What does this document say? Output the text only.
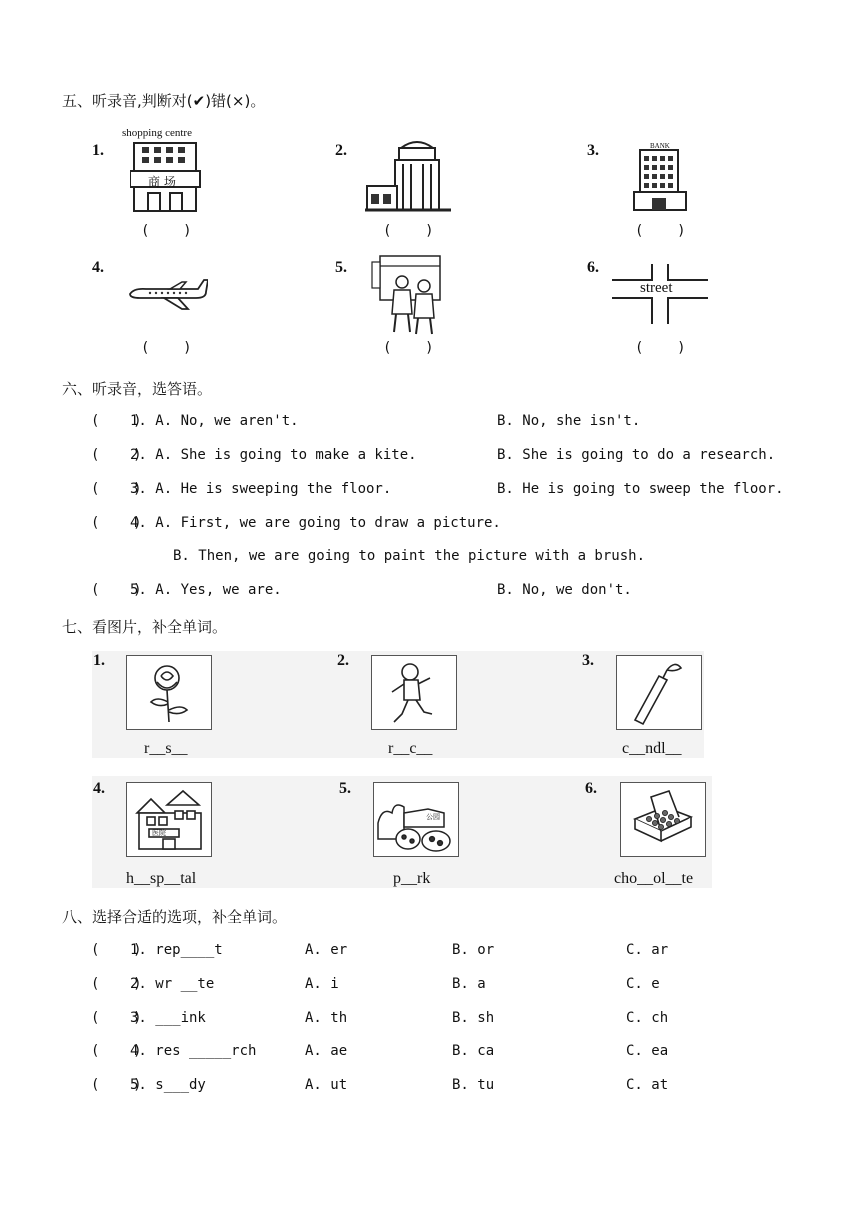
五、听录音,判断对(✔)错(×)。
1.
shopping centre
商 场
(    )
2.
(    )
3.	BANK
(    )
4.
(    )
5.
(    )
6.
street
(    )
六、听录音，选答语。
(    )
1. A. No, we aren't.	B. No, she isn't.
(    )
2. A. She is going to make a kite.	B. She is going to do a research.
(    )
3. A. He is sweeping the floor.	B. He is going to sweep the floor.
(    )
4. A. First, we are going to draw a picture.
B. Then, we are going to paint the picture with a brush.
(    )
5. A. Yes, we are.	B. No, we don't.
七、看图片，补全单词。
1.
r__s__
2.
r__c__
3.
c__ndl__
4.
医院
h__sp__tal
5.
公园
p__rk
6.
cho__ol__te
八、选择合适的选项，补全单词。
(    )
1. rep____t	A. er	B. or	C. ar
(    )
2. wr __te	A. i	B. a	C. e
(    )
3. ___ink	A. th	B. sh	C. ch
(    )
4. res _____rch	A. ae	B. ca	C. ea
(    )
5. s___dy	A. ut	B. tu	C. at
